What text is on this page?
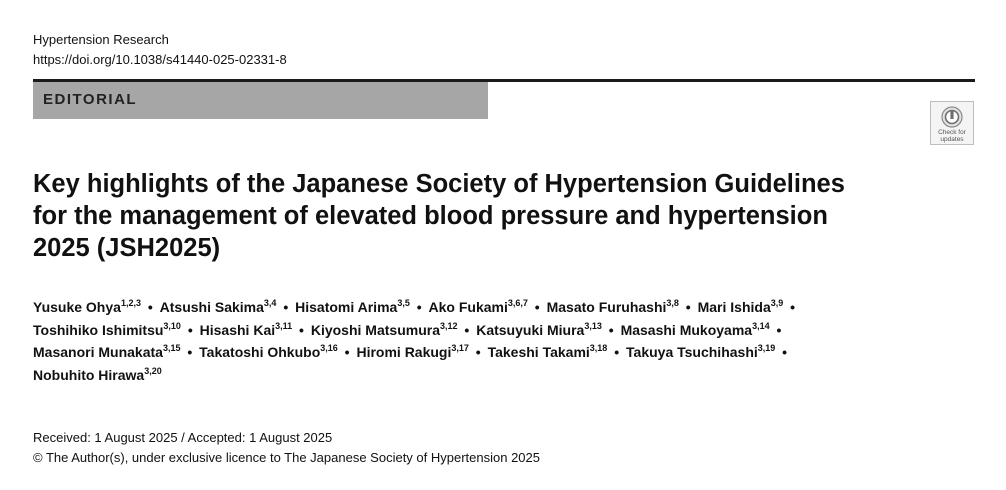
Hypertension Research
https://doi.org/10.1038/s41440-025-02331-8
EDITORIAL
Check for
updates
Key highlights of the Japanese Society of Hypertension Guidelines
for the management of elevated blood pressure and hypertension
2025 (JSH2025)
Yusuke Ohya$^{1,2,3}$ • Atsushi Sakima$^{3,4}$ • Hisatomi Arima$^{3,5}$ • Ako Fukami$^{3,6,7}$ • Masato Furuhashi$^{3,8}$ • Mari Ishida$^{3,9}$ •
Toshihiko Ishimitsu$^{3,10}$ • Hisashi Kai$^{3,11}$ • Kiyoshi Matsumura$^{3,12}$ • Katsuyuki Miura$^{3,13}$ • Masashi Mukoyama$^{3,14}$ •
Masanori Munakata$^{3,15}$ • Takatoshi Ohkubo$^{3,16}$ • Hiromi Rakugi$^{3,17}$ • Takeshi Takami$^{3,18}$ • Takuya Tsuchihashi$^{3,19}$ •
Nobuhito Hirawa$^{3,20}$
Received: 1 August 2025 / Accepted: 1 August 2025
© The Author(s), under exclusive licence to The Japanese Society of Hypertension 2025
